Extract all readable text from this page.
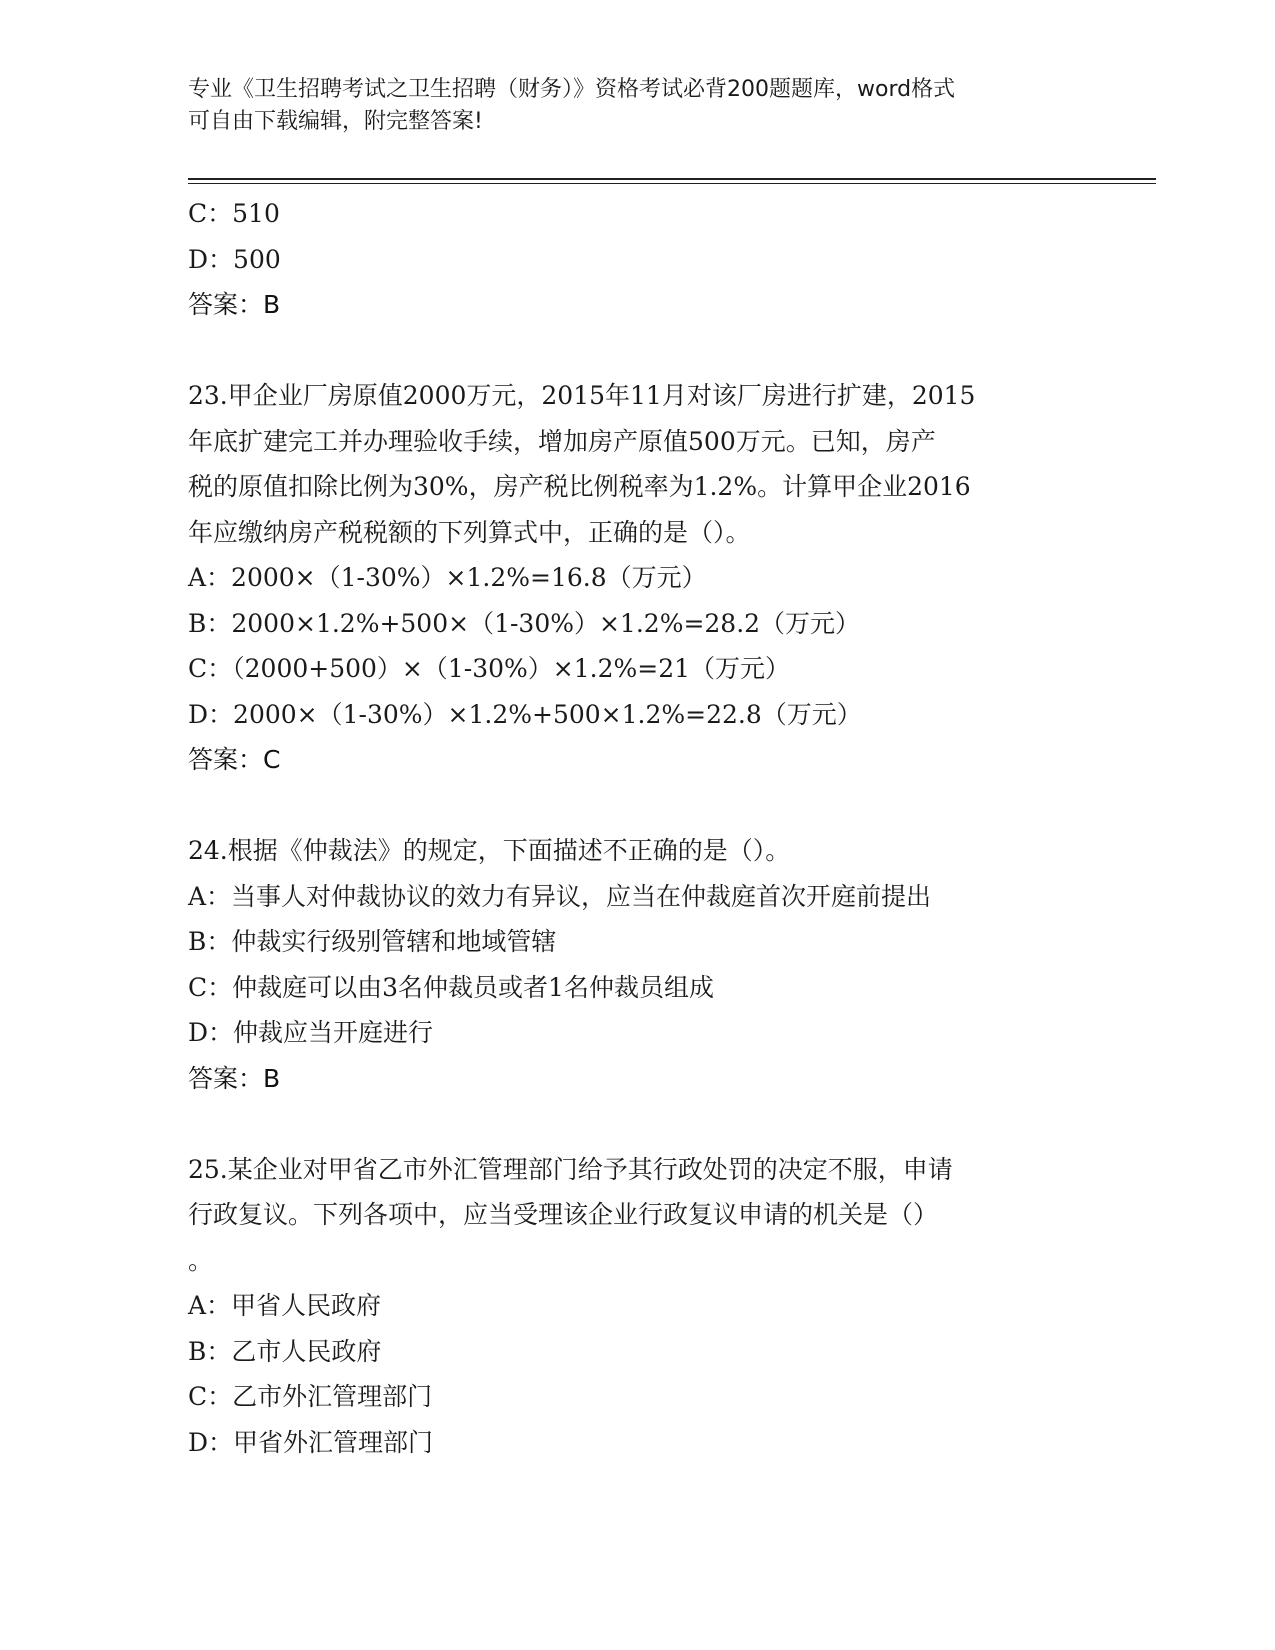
专业《卫生招聘考试之卫生招聘（财务）》资格考试必背200题题库，word格式
可自由下载编辑，附完整答案!
C：510
D：500
答案：B
23.甲企业厂房原值2000万元，2015年11月对该厂房进行扩建，2015
年底扩建完工并办理验收手续，增加房产原值500万元。已知，房产
税的原值扣除比例为30%，房产税比例税率为1.2%。计算甲企业2016
年应缴纳房产税税额的下列算式中，正确的是（）。
A：2000×（1-30%）×1.2%=16.8（万元）
B：2000×1.2%+500×（1-30%）×1.2%=28.2（万元）
C：（2000+500）×（1-30%）×1.2%=21（万元）
D：2000×（1-30%）×1.2%+500×1.2%=22.8（万元）
答案：C
24.根据《仲裁法》的规定，下面描述不正确的是（）。
A：当事人对仲裁协议的效力有异议，应当在仲裁庭首次开庭前提出
B：仲裁实行级别管辖和地域管辖
C：仲裁庭可以由3名仲裁员或者1名仲裁员组成
D：仲裁应当开庭进行
答案：B
25.某企业对甲省乙市外汇管理部门给予其行政处罚的决定不服，申请
行政复议。下列各项中，应当受理该企业行政复议申请的机关是（）
。
A：甲省人民政府
B：乙市人民政府
C：乙市外汇管理部门
D：甲省外汇管理部门
